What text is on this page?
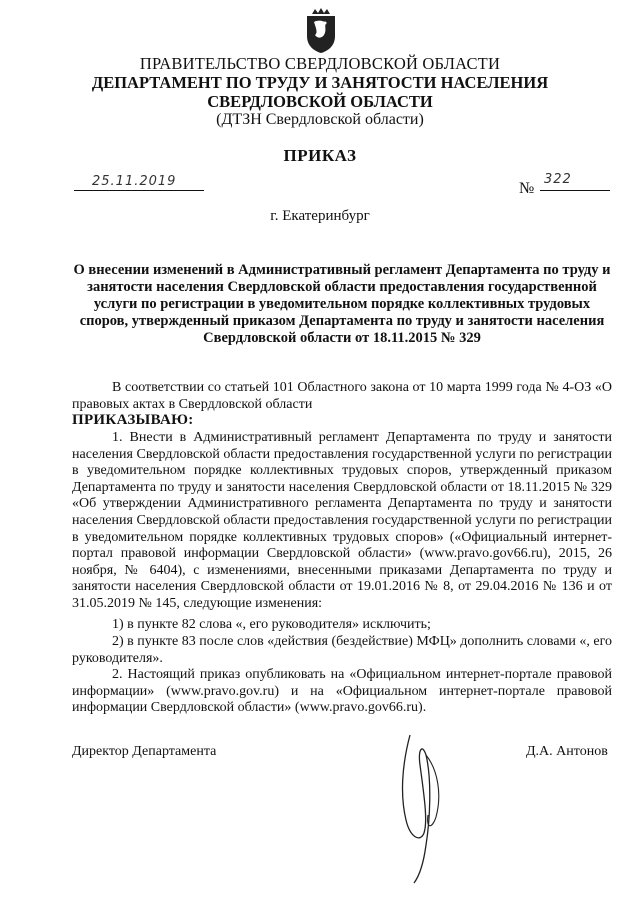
ПРАВИТЕЛЬСТВО СВЕРДЛОВСКОЙ ОБЛАСТИ
ДЕПАРТАМЕНТ ПО ТРУДУ И ЗАНЯТОСТИ НАСЕЛЕНИЯ
СВЕРДЛОВСКОЙ ОБЛАСТИ
(ДТЗН Свердловской области)
ПРИКАЗ
25.11.2019	№
322
г. Екатеринбург
О внесении изменений в Административный регламент Департамента по труду и занятости населения Свердловской области предоставления государственной услуги по регистрации в уведомительном порядке коллективных трудовых споров, утвержденный приказом Департамента по труду и занятости населения Свердловской области от 18.11.2015 № 329
В соответствии со статьей 101 Областного закона от 10 марта 1999 года № 4-ОЗ «О правовых актах в Свердловской области
ПРИКАЗЫВАЮ:
1. Внести в Административный регламент Департамента по труду и занятости населения Свердловской области предоставления государственной услуги по регистрации в уведомительном порядке коллективных трудовых споров, утвержденный приказом Департамента по труду и занятости населения Свердловской области от 18.11.2015 № 329 «Об утверждении Административного регламента Департамента по труду и занятости населения Свердловской области предоставления государственной услуги по регистрации в уведомительном порядке коллективных трудовых споров» («Официальный интернет-портал правовой информации Свердловской области» (www.pravo.gov66.ru), 2015, 26 ноября, № 6404), с изменениями, внесенными приказами Департамента по труду и занятости населения Свердловской области от 19.01.2016 № 8, от 29.04.2016 № 136 и от 31.05.2019 № 145, следующие изменения:
1) в пункте 82 слова «, его руководителя» исключить;
2) в пункте 83 после слов «действия (бездействие) МФЦ» дополнить словами «, его руководителя».
2. Настоящий приказ опубликовать на «Официальном интернет-портале правовой информации» (www.pravo.gov.ru) и на «Официальном интернет-портале правовой информации Свердловской области» (www.pravo.gov66.ru).
Директор Департамента	Д.А. Антонов
